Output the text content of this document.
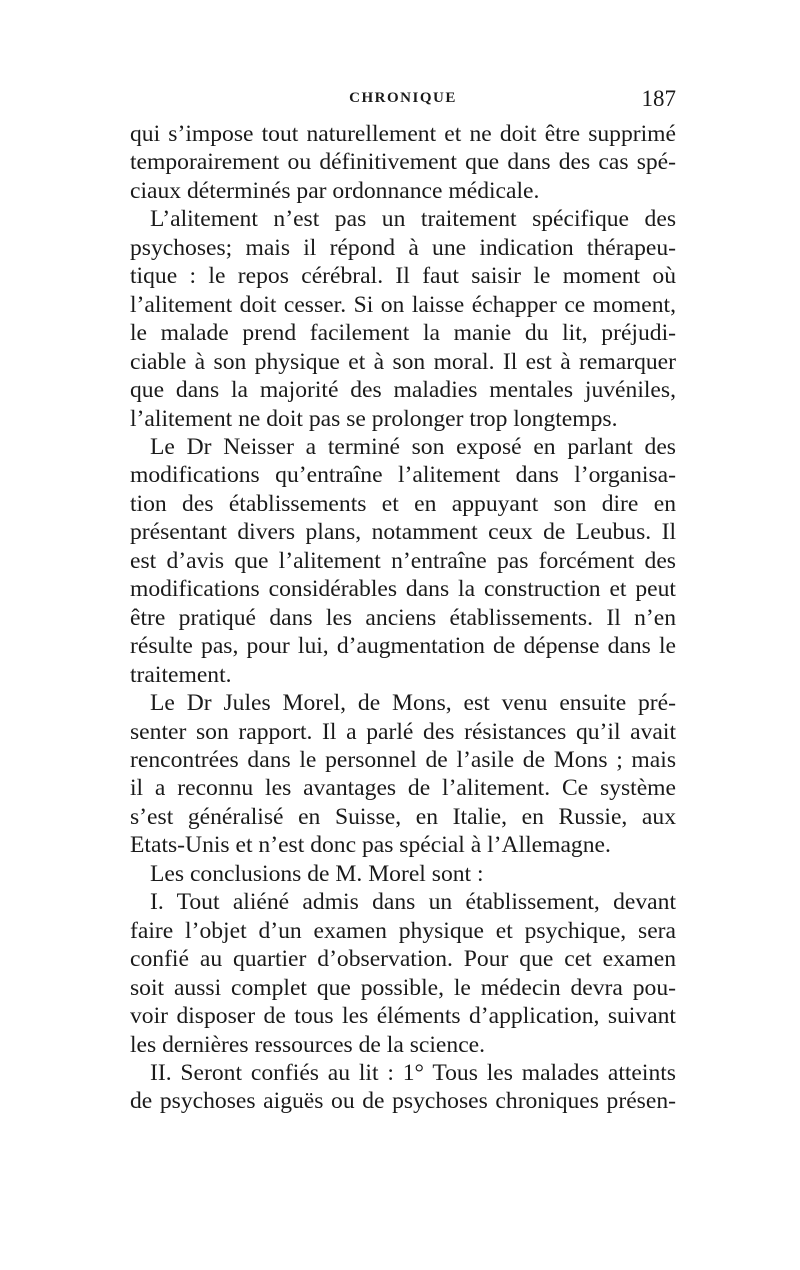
CHRONIQUE	187
qui s’impose tout naturellement et ne doit être supprimé
temporairement ou définitivement que dans des cas spé-
ciaux déterminés par ordonnance médicale.
L’alitement n’est pas un traitement spécifique des
psychoses; mais il répond à une indication thérapeu-
tique : le repos cérébral. Il faut saisir le moment où
l’alitement doit cesser. Si on laisse échapper ce moment,
le malade prend facilement la manie du lit, préjudi-
ciable à son physique et à son moral. Il est à remarquer
que dans la majorité des maladies mentales juvéniles,
l’alitement ne doit pas se prolonger trop longtemps.
Le Dr Neisser a terminé son exposé en parlant des
modifications qu’entraîne l’alitement dans l’organisa-
tion des établissements et en appuyant son dire en
présentant divers plans, notamment ceux de Leubus. Il
est d’avis que l’alitement n’entraîne pas forcément des
modifications considérables dans la construction et peut
être pratiqué dans les anciens établissements. Il n’en
résulte pas, pour lui, d’augmentation de dépense dans le
traitement.
Le Dr Jules Morel, de Mons, est venu ensuite pré-
senter son rapport. Il a parlé des résistances qu’il avait
rencontrées dans le personnel de l’asile de Mons ; mais
il a reconnu les avantages de l’alitement. Ce système
s’est généralisé en Suisse, en Italie, en Russie, aux
Etats-Unis et n’est donc pas spécial à l’Allemagne.
Les conclusions de M. Morel sont :
I. Tout aliéné admis dans un établissement, devant
faire l’objet d’un examen physique et psychique, sera
confié au quartier d’observation. Pour que cet examen
soit aussi complet que possible, le médecin devra pou-
voir disposer de tous les éléments d’application, suivant
les dernières ressources de la science.
II. Seront confiés au lit : 1° Tous les malades atteints
de psychoses aiguës ou de psychoses chroniques présen-
